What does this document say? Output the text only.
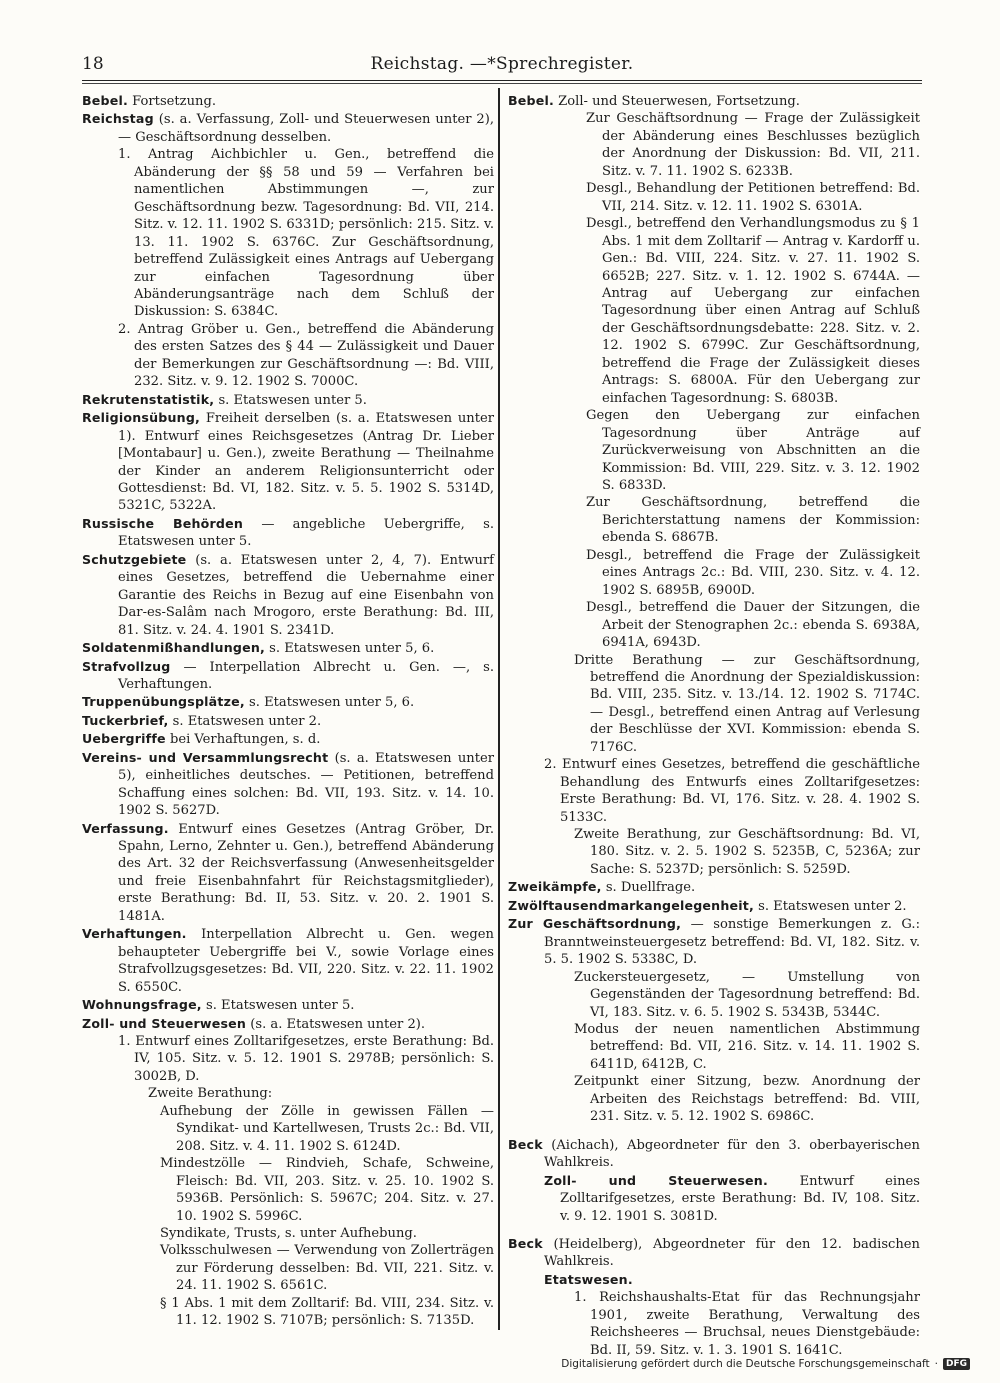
18	Reichstag. —*Sprechregister.

Bebel. Fortsetzung.

Reichstag (s. a. Verfassung, Zoll- und Steuerwesen unter 2), — Geschäftsordnung desselben.

1. Antrag Aichbichler u. Gen., betreffend die Abänderung der §§ 58 und 59 — Verfahren bei namentlichen Abstimmungen —, zur Geschäftsordnung bezw. Tagesordnung: Bd. VII, 214. Sitz. v. 12. 11. 1902 S. 6331D; persönlich: 215. Sitz. v. 13. 11. 1902 S. 6376C. Zur Geschäftsordnung, betreffend Zulässigkeit eines Antrags auf Uebergang zur einfachen Tagesordnung über Abänderungsanträge nach dem Schluß der Diskussion: S. 6384C.

2. Antrag Gröber u. Gen., betreffend die Abänderung des ersten Satzes des § 44 — Zulässigkeit und Dauer der Bemerkungen zur Geschäftsordnung —: Bd. VIII, 232. Sitz. v. 9. 12. 1902 S. 7000C.

Rekrutenstatistik, s. Etatswesen unter 5.

Religionsübung, Freiheit derselben (s. a. Etatswesen unter 1). Entwurf eines Reichsgesetzes (Antrag Dr. Lieber [Montabaur] u. Gen.), zweite Berathung — Theilnahme der Kinder an anderem Religionsunterricht oder Gottesdienst: Bd. VI, 182. Sitz. v. 5. 5. 1902 S. 5314D, 5321C, 5322A.

Russische Behörden — angebliche Uebergriffe, s. Etatswesen unter 5.

Schutzgebiete (s. a. Etatswesen unter 2, 4, 7). Entwurf eines Gesetzes, betreffend die Uebernahme einer Garantie des Reichs in Bezug auf eine Eisenbahn von Dar-es-Salâm nach Mrogoro, erste Berathung: Bd. III, 81. Sitz. v. 24. 4. 1901 S. 2341D.

Soldatenmißhandlungen, s. Etatswesen unter 5, 6.

Strafvollzug — Interpellation Albrecht u. Gen. —, s. Verhaftungen.

Truppenübungsplätze, s. Etatswesen unter 5, 6.

Tuckerbrief, s. Etatswesen unter 2.

Uebergriffe bei Verhaftungen, s. d.

Vereins- und Versammlungsrecht (s. a. Etatswesen unter 5), einheitliches deutsches. — Petitionen, betreffend Schaffung eines solchen: Bd. VII, 193. Sitz. v. 14. 10. 1902 S. 5627D.

Verfassung. Entwurf eines Gesetzes (Antrag Gröber, Dr. Spahn, Lerno, Zehnter u. Gen.), betreffend Abänderung des Art. 32 der Reichsverfassung (Anwesenheitsgelder und freie Eisenbahnfahrt für Reichstagsmitglieder), erste Berathung: Bd. II, 53. Sitz. v. 20. 2. 1901 S. 1481A.

Verhaftungen. Interpellation Albrecht u. Gen. wegen behaupteter Uebergriffe bei V., sowie Vorlage eines Strafvollzugsgesetzes: Bd. VII, 220. Sitz. v. 22. 11. 1902 S. 6550C.

Wohnungsfrage, s. Etatswesen unter 5.

Zoll- und Steuerwesen (s. a. Etatswesen unter 2).

1. Entwurf eines Zolltarifgesetzes, erste Berathung: Bd. IV, 105. Sitz. v. 5. 12. 1901 S. 2978B; persönlich: S. 3002B, D.

Zweite Berathung:

Aufhebung der Zölle in gewissen Fällen — Syndikat- und Kartellwesen, Trusts 2c.: Bd. VII, 208. Sitz. v. 4. 11. 1902 S. 6124D.

Mindestzölle — Rindvieh, Schafe, Schweine, Fleisch: Bd. VII, 203. Sitz. v. 25. 10. 1902 S. 5936B. Persönlich: S. 5967C; 204. Sitz. v. 27. 10. 1902 S. 5996C.

Syndikate, Trusts, s. unter Aufhebung.

Volksschulwesen — Verwendung von Zollerträgen zur Förderung desselben: Bd. VII, 221. Sitz. v. 24. 11. 1902 S. 6561C.

§ 1 Abs. 1 mit dem Zolltarif: Bd. VIII, 234. Sitz. v. 11. 12. 1902 S. 7107B; persönlich: S. 7135D.

Bebel. Zoll- und Steuerwesen, Fortsetzung.

Zur Geschäftsordnung — Frage der Zulässigkeit der Abänderung eines Beschlusses bezüglich der Anordnung der Diskussion: Bd. VII, 211. Sitz. v. 7. 11. 1902 S. 6233B.

Desgl., Behandlung der Petitionen betreffend: Bd. VII, 214. Sitz. v. 12. 11. 1902 S. 6301A.

Desgl., betreffend den Verhandlungsmodus zu § 1 Abs. 1 mit dem Zolltarif — Antrag v. Kardorff u. Gen.: Bd. VIII, 224. Sitz. v. 27. 11. 1902 S. 6652B; 227. Sitz. v. 1. 12. 1902 S. 6744A. — Antrag auf Uebergang zur einfachen Tagesordnung über einen Antrag auf Schluß der Geschäftsordnungsdebatte: 228. Sitz. v. 2. 12. 1902 S. 6799C. Zur Geschäftsordnung, betreffend die Frage der Zulässigkeit dieses Antrags: S. 6800A. Für den Uebergang zur einfachen Tagesordnung: S. 6803B.

Gegen den Uebergang zur einfachen Tagesordnung über Anträge auf Zurückverweisung von Abschnitten an die Kommission: Bd. VIII, 229. Sitz. v. 3. 12. 1902 S. 6833D.

Zur Geschäftsordnung, betreffend die Berichterstattung namens der Kommission: ebenda S. 6867B.

Desgl., betreffend die Frage der Zulässigkeit eines Antrags 2c.: Bd. VIII, 230. Sitz. v. 4. 12. 1902 S. 6895B, 6900D.

Desgl., betreffend die Dauer der Sitzungen, die Arbeit der Stenographen 2c.: ebenda S. 6938A, 6941A, 6943D.

Dritte Berathung — zur Geschäftsordnung, betreffend die Anordnung der Spezialdiskussion: Bd. VIII, 235. Sitz. v. 13./14. 12. 1902 S. 7174C. — Desgl., betreffend einen Antrag auf Verlesung der Beschlüsse der XVI. Kommission: ebenda S. 7176C.

2. Entwurf eines Gesetzes, betreffend die geschäftliche Behandlung des Entwurfs eines Zolltarifgesetzes: Erste Berathung: Bd. VI, 176. Sitz. v. 28. 4. 1902 S. 5133C.

Zweite Berathung, zur Geschäftsordnung: Bd. VI, 180. Sitz. v. 2. 5. 1902 S. 5235B, C, 5236A; zur Sache: S. 5237D; persönlich: S. 5259D.

Zweikämpfe, s. Duellfrage.

Zwölftausendmarkangelegenheit, s. Etatswesen unter 2.

Zur Geschäftsordnung, — sonstige Bemerkungen z. G.: Branntweinsteuergesetz betreffend: Bd. VI, 182. Sitz. v. 5. 5. 1902 S. 5338C, D.

Zuckersteuergesetz, — Umstellung von Gegenständen der Tagesordnung betreffend: Bd. VI, 183. Sitz. v. 6. 5. 1902 S. 5343B, 5344C.

Modus der neuen namentlichen Abstimmung betreffend: Bd. VII, 216. Sitz. v. 14. 11. 1902 S. 6411D, 6412B, C.

Zeitpunkt einer Sitzung, bezw. Anordnung der Arbeiten des Reichstags betreffend: Bd. VIII, 231. Sitz. v. 5. 12. 1902 S. 6986C.

Beck (Aichach), Abgeordneter für den 3. oberbayerischen Wahlkreis.

Zoll- und Steuerwesen. Entwurf eines Zolltarifgesetzes, erste Berathung: Bd. IV, 108. Sitz. v. 9. 12. 1901 S. 3081D.

Beck (Heidelberg), Abgeordneter für den 12. badischen Wahlkreis.

Etatswesen.

1. Reichshaushalts-Etat für das Rechnungsjahr 1901, zweite Berathung, Verwaltung des Reichsheeres — Bruchsal, neues Dienstgebäude: Bd. II, 59. Sitz. v. 1. 3. 1901 S. 1641C.

Digitalisierung gefördert durch die Deutsche Forschungsgemeinschaft · DFG
